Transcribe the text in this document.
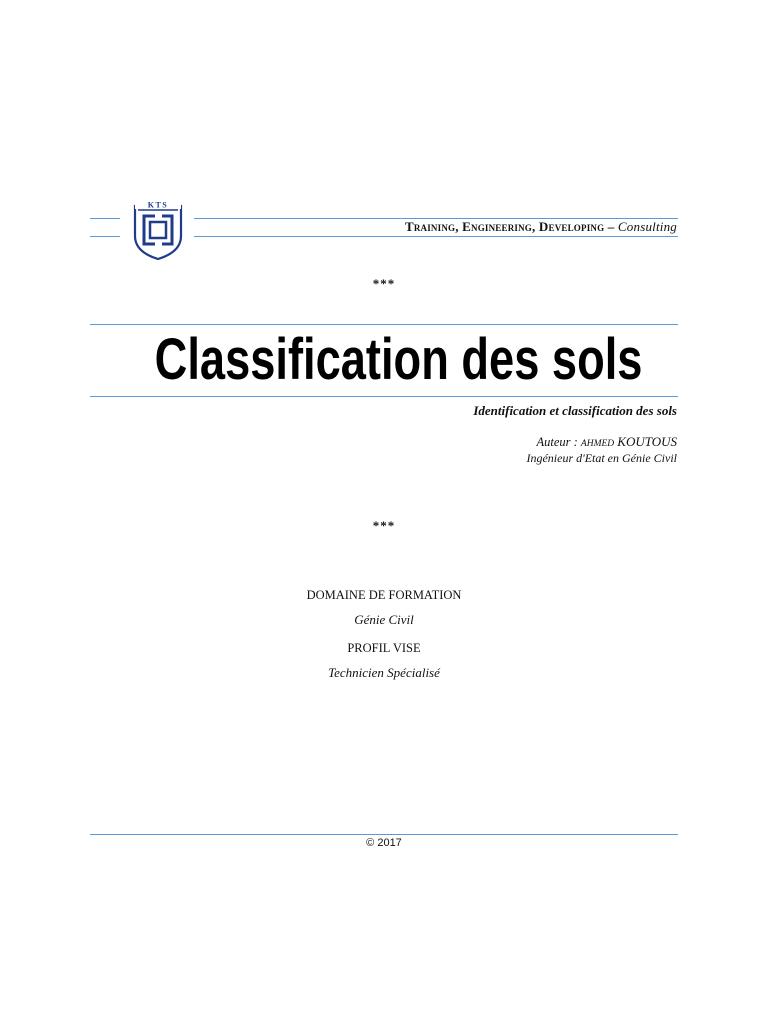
KTS
Training, Engineering, Developing – Consulting
***
Classification des sols
Identification et classification des sols
Auteur : AHMED KOUTOUS
Ingénieur d'Etat en Génie Civil
***
DOMAINE DE FORMATION
Génie Civil
PROFIL VISE
Technicien Spécialisé
© 2017
